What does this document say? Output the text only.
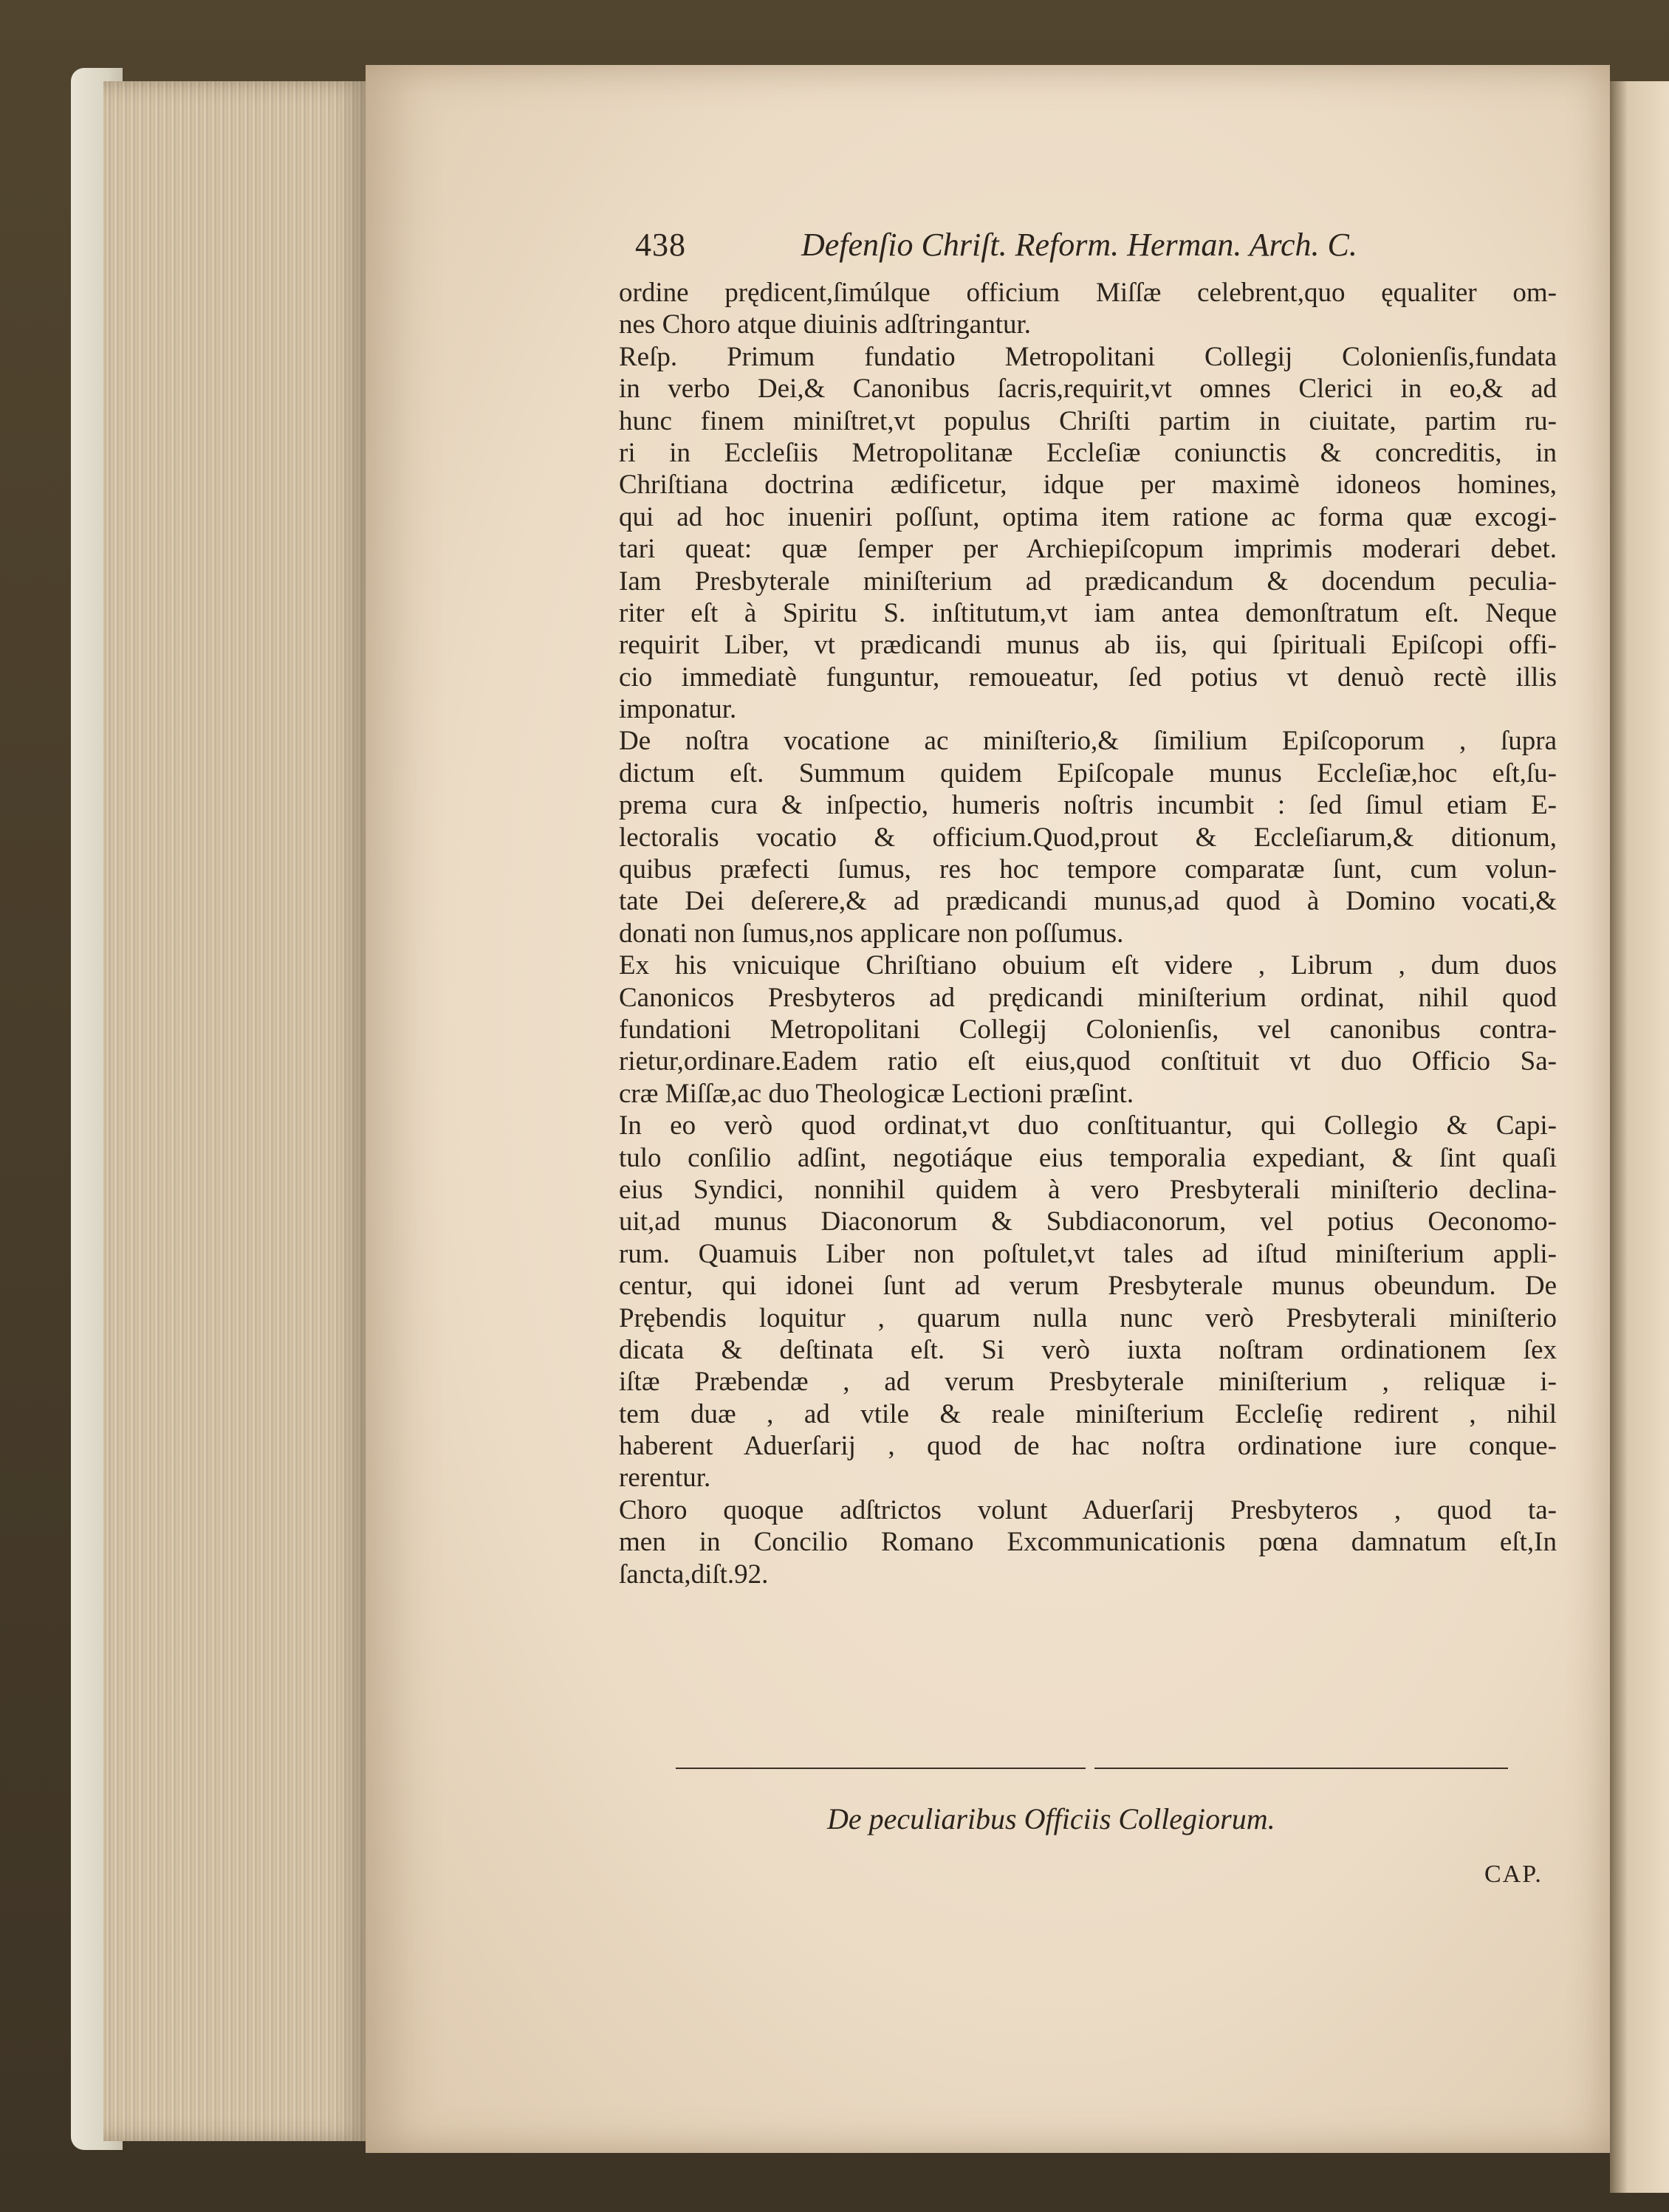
438	Defenſio Chriſt. Reform. Herman. Arch. C.
ordine prędicent,ſimúlque officium Miſſæ celebrent,quo ęqualiter om-
nes Choro atque diuinis adſtringantur.
Reſp. Primum fundatio Metropolitani Collegij Colonienſis,fundata
in verbo Dei,& Canonibus ſacris,requirit,vt omnes Clerici in eo,& ad
hunc finem miniſtret,vt populus Chriſti partim in ciuitate, partim ru-
ri in Eccleſiis Metropolitanæ Eccleſiæ coniunctis & concreditis, in
Chriſtiana doctrina ædificetur, idque per maximè idoneos homines,
qui ad hoc inueniri poſſunt, optima item ratione ac forma quæ excogi-
tari queat: quæ ſemper per Archiepiſcopum imprimis moderari debet.
Iam Presbyterale miniſterium ad prædicandum & docendum peculia-
riter eſt à Spiritu S. inſtitutum,vt iam antea demonſtratum eſt. Neque
requirit Liber, vt prædicandi munus ab iis, qui ſpirituali Epiſcopi offi-
cio immediatè funguntur, remoueatur, ſed potius vt denuò rectè illis
imponatur.
De noſtra vocatione ac miniſterio,& ſimilium Epiſcoporum , ſupra
dictum eſt. Summum quidem Epiſcopale munus Eccleſiæ,hoc eſt,ſu-
prema cura & inſpectio, humeris noſtris incumbit : ſed ſimul etiam E-
lectoralis vocatio & officium.Quod,prout & Eccleſiarum,& ditionum,
quibus præfecti ſumus, res hoc tempore comparatæ ſunt, cum volun-
tate Dei deſerere,& ad prædicandi munus,ad quod à Domino vocati,&
donati non ſumus,nos applicare non poſſumus.
Ex his vnicuique Chriſtiano obuium eſt videre , Librum , dum duos
Canonicos Presbyteros ad prędicandi miniſterium ordinat, nihil quod
fundationi Metropolitani Collegij Colonienſis, vel canonibus contra-
rietur,ordinare.Eadem ratio eſt eius,quod conſtituit vt duo Officio Sa-
cræ Miſſæ,ac duo Theologicæ Lectioni præſint.
In eo verò quod ordinat,vt duo conſtituantur, qui Collegio & Capi-
tulo conſilio adſint, negotiáque eius temporalia expediant, & ſint quaſi
eius Syndici, nonnihil quidem à vero Presbyterali miniſterio declina-
uit,ad munus Diaconorum & Subdiaconorum, vel potius Oeconomo-
rum. Quamuis Liber non poſtulet,vt tales ad iſtud miniſterium appli-
centur, qui idonei ſunt ad verum Presbyterale munus obeundum. De
Prębendis loquitur , quarum nulla nunc verò Presbyterali miniſterio
dicata & deſtinata eſt. Si verò iuxta noſtram ordinationem ſex
iſtæ Præbendæ , ad verum Presbyterale miniſterium , reliquæ i-
tem duæ , ad vtile & reale miniſterium Eccleſię redirent , nihil
haberent Aduerſarij , quod de hac noſtra ordinatione iure conque-
rerentur.
Choro quoque adſtrictos volunt Aduerſarij Presbyteros , quod ta-
men in Concilio Romano Excommunicationis pœna damnatum eſt,In
ſancta,diſt.92.
De peculiaribus Officiis Collegiorum.
CAP.
